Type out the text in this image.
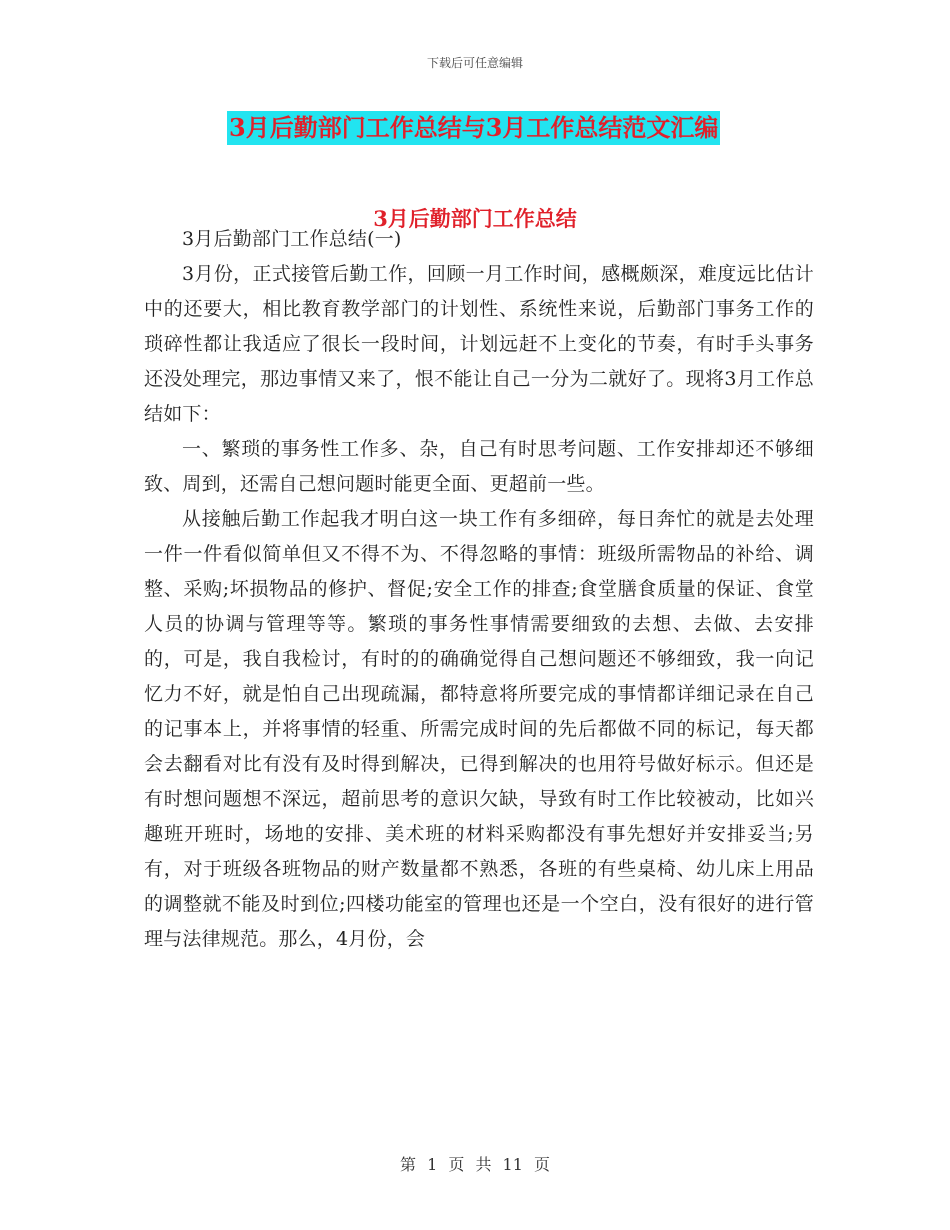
下载后可任意编辑
3月后勤部门工作总结与3月工作总结范文汇编
3月后勤部门工作总结

3月后勤部门工作总结(一)

3月份，正式接管后勤工作，回顾一月工作时间，感概颇深，难度远比估计中的还要大，相比教育教学部门的计划性、系统性来说，后勤部门事务工作的琐碎性都让我适应了很长一段时间，计划远赶不上变化的节奏，有时手头事务还没处理完，那边事情又来了，恨不能让自己一分为二就好了。现将3月工作总结如下：

一、繁琐的事务性工作多、杂，自己有时思考问题、工作安排却还不够细致、周到，还需自己想问题时能更全面、更超前一些。

从接触后勤工作起我才明白这一块工作有多细碎，每日奔忙的就是去处理一件一件看似简单但又不得不为、不得忽略的事情：班级所需物品的补给、调整、采购;坏损物品的修护、督促;安全工作的排查;食堂膳食质量的保证、食堂人员的协调与管理等等。繁琐的事务性事情需要细致的去想、去做、去安排的，可是，我自我检讨，有时的的确确觉得自己想问题还不够细致，我一向记忆力不好，就是怕自己出现疏漏，都特意将所要完成的事情都详细记录在自己的记事本上，并将事情的轻重、所需完成时间的先后都做不同的标记，每天都会去翻看对比有没有及时得到解决，已得到解决的也用符号做好标示。但还是有时想问题想不深远，超前思考的意识欠缺，导致有时工作比较被动，比如兴趣班开班时，场地的安排、美术班的材料采购都没有事先想好并安排妥当;另有，对于班级各班物品的财产数量都不熟悉，各班的有些桌椅、幼儿床上用品的调整就不能及时到位;四楼功能室的管理也还是一个空白，没有很好的进行管理与法律规范。那么，4月份，会

第 1 页 共 11 页
